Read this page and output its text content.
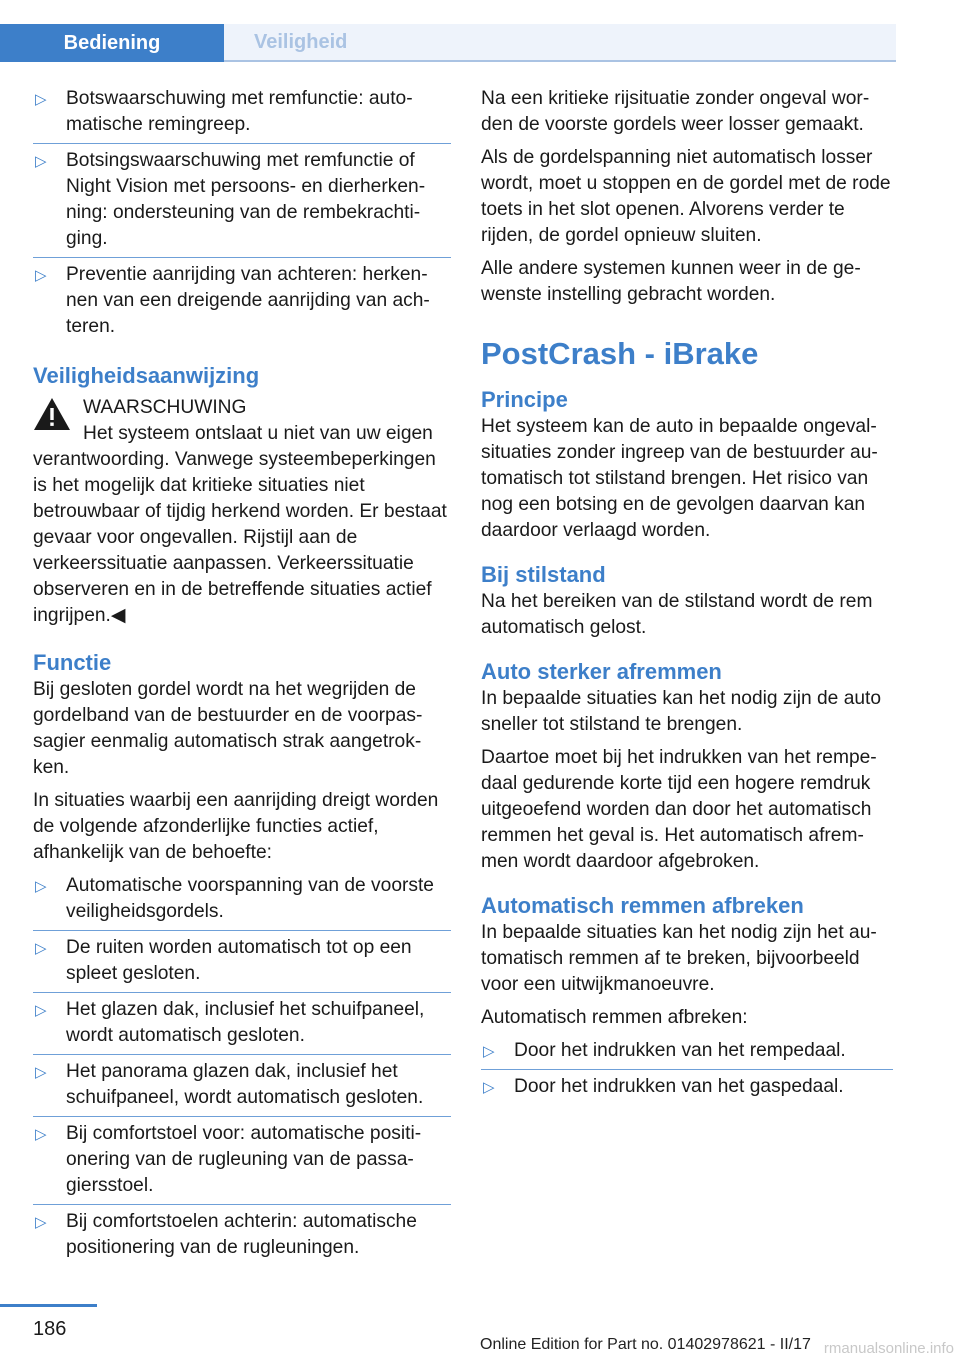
Bediening	Veiligheid
▷ Botswaarschuwing met remfunctie: automatische remingreep.
▷ Botsingswaarschuwing met remfunctie of Night Vision met persoons- en dierherkenning: ondersteuning van de rembekrachtiging.
▷ Preventie aanrijding van achteren: herkennen van een dreigende aanrijding van achteren.
Veiligheidsaanwijzing
WAARSCHUWING

Het systeem ontslaat u niet van uw eigen verantwoording. Vanwege systeembeperkingen is het mogelijk dat kritieke situaties niet betrouwbaar of tijdig herkend worden. Er bestaat gevaar voor ongevallen. Rijstijl aan de verkeerssituatie aanpassen. Verkeerssituatie observeren en in de betreffende situaties actief ingrijpen.◀

Functie

Bij gesloten gordel wordt na het wegrijden de gordelband van de bestuurder en de voorpassagier eenmalig automatisch strak aangetrokken.

In situaties waarbij een aanrijding dreigt worden de volgende afzonderlijke functies actief, afhankelijk van de behoefte:

▷ Automatische voorspanning van de voorste veiligheidsgordels.
▷ De ruiten worden automatisch tot op een spleet gesloten.
▷ Het glazen dak, inclusief het schuifpaneel, wordt automatisch gesloten.
▷ Het panorama glazen dak, inclusief het schuifpaneel, wordt automatisch gesloten.
▷ Bij comfortstoel voor: automatische positionering van de rugleuning van de passagiersstoel.
▷ Bij comfortstoelen achterin: automatische positionering van de rugleuningen.

Na een kritieke rijsituatie zonder ongeval worden de voorste gordels weer losser gemaakt.

Als de gordelspanning niet automatisch losser wordt, moet u stoppen en de gordel met de rode toets in het slot openen. Alvorens verder te rijden, de gordel opnieuw sluiten.

Alle andere systemen kunnen weer in de gewenste instelling gebracht worden.

PostCrash - iBrake
Principe

Het systeem kan de auto in bepaalde ongevalsituaties zonder ingreep van de bestuurder automatisch tot stilstand brengen. Het risico van nog een botsing en de gevolgen daarvan kan daardoor verlaagd worden.

Bij stilstand

Na het bereiken van de stilstand wordt de rem automatisch gelost.

Auto sterker afremmen

In bepaalde situaties kan het nodig zijn de auto sneller tot stilstand te brengen.

Daartoe moet bij het indrukken van het rempedaal gedurende korte tijd een hogere remdruk uitgeoefend worden dan door het automatisch remmen het geval is. Het automatisch afremmen wordt daardoor afgebroken.

Automatisch remmen afbreken

In bepaalde situaties kan het nodig zijn het automatisch remmen af te breken, bijvoorbeeld voor een uitwijkmanoeuvre.

Automatisch remmen afbreken:

▷ Door het indrukken van het rempedaal.
▷ Door het indrukken van het gaspedaal.
186
Online Edition for Part no. 01402978621 - II/17 rmanualsonline.info
